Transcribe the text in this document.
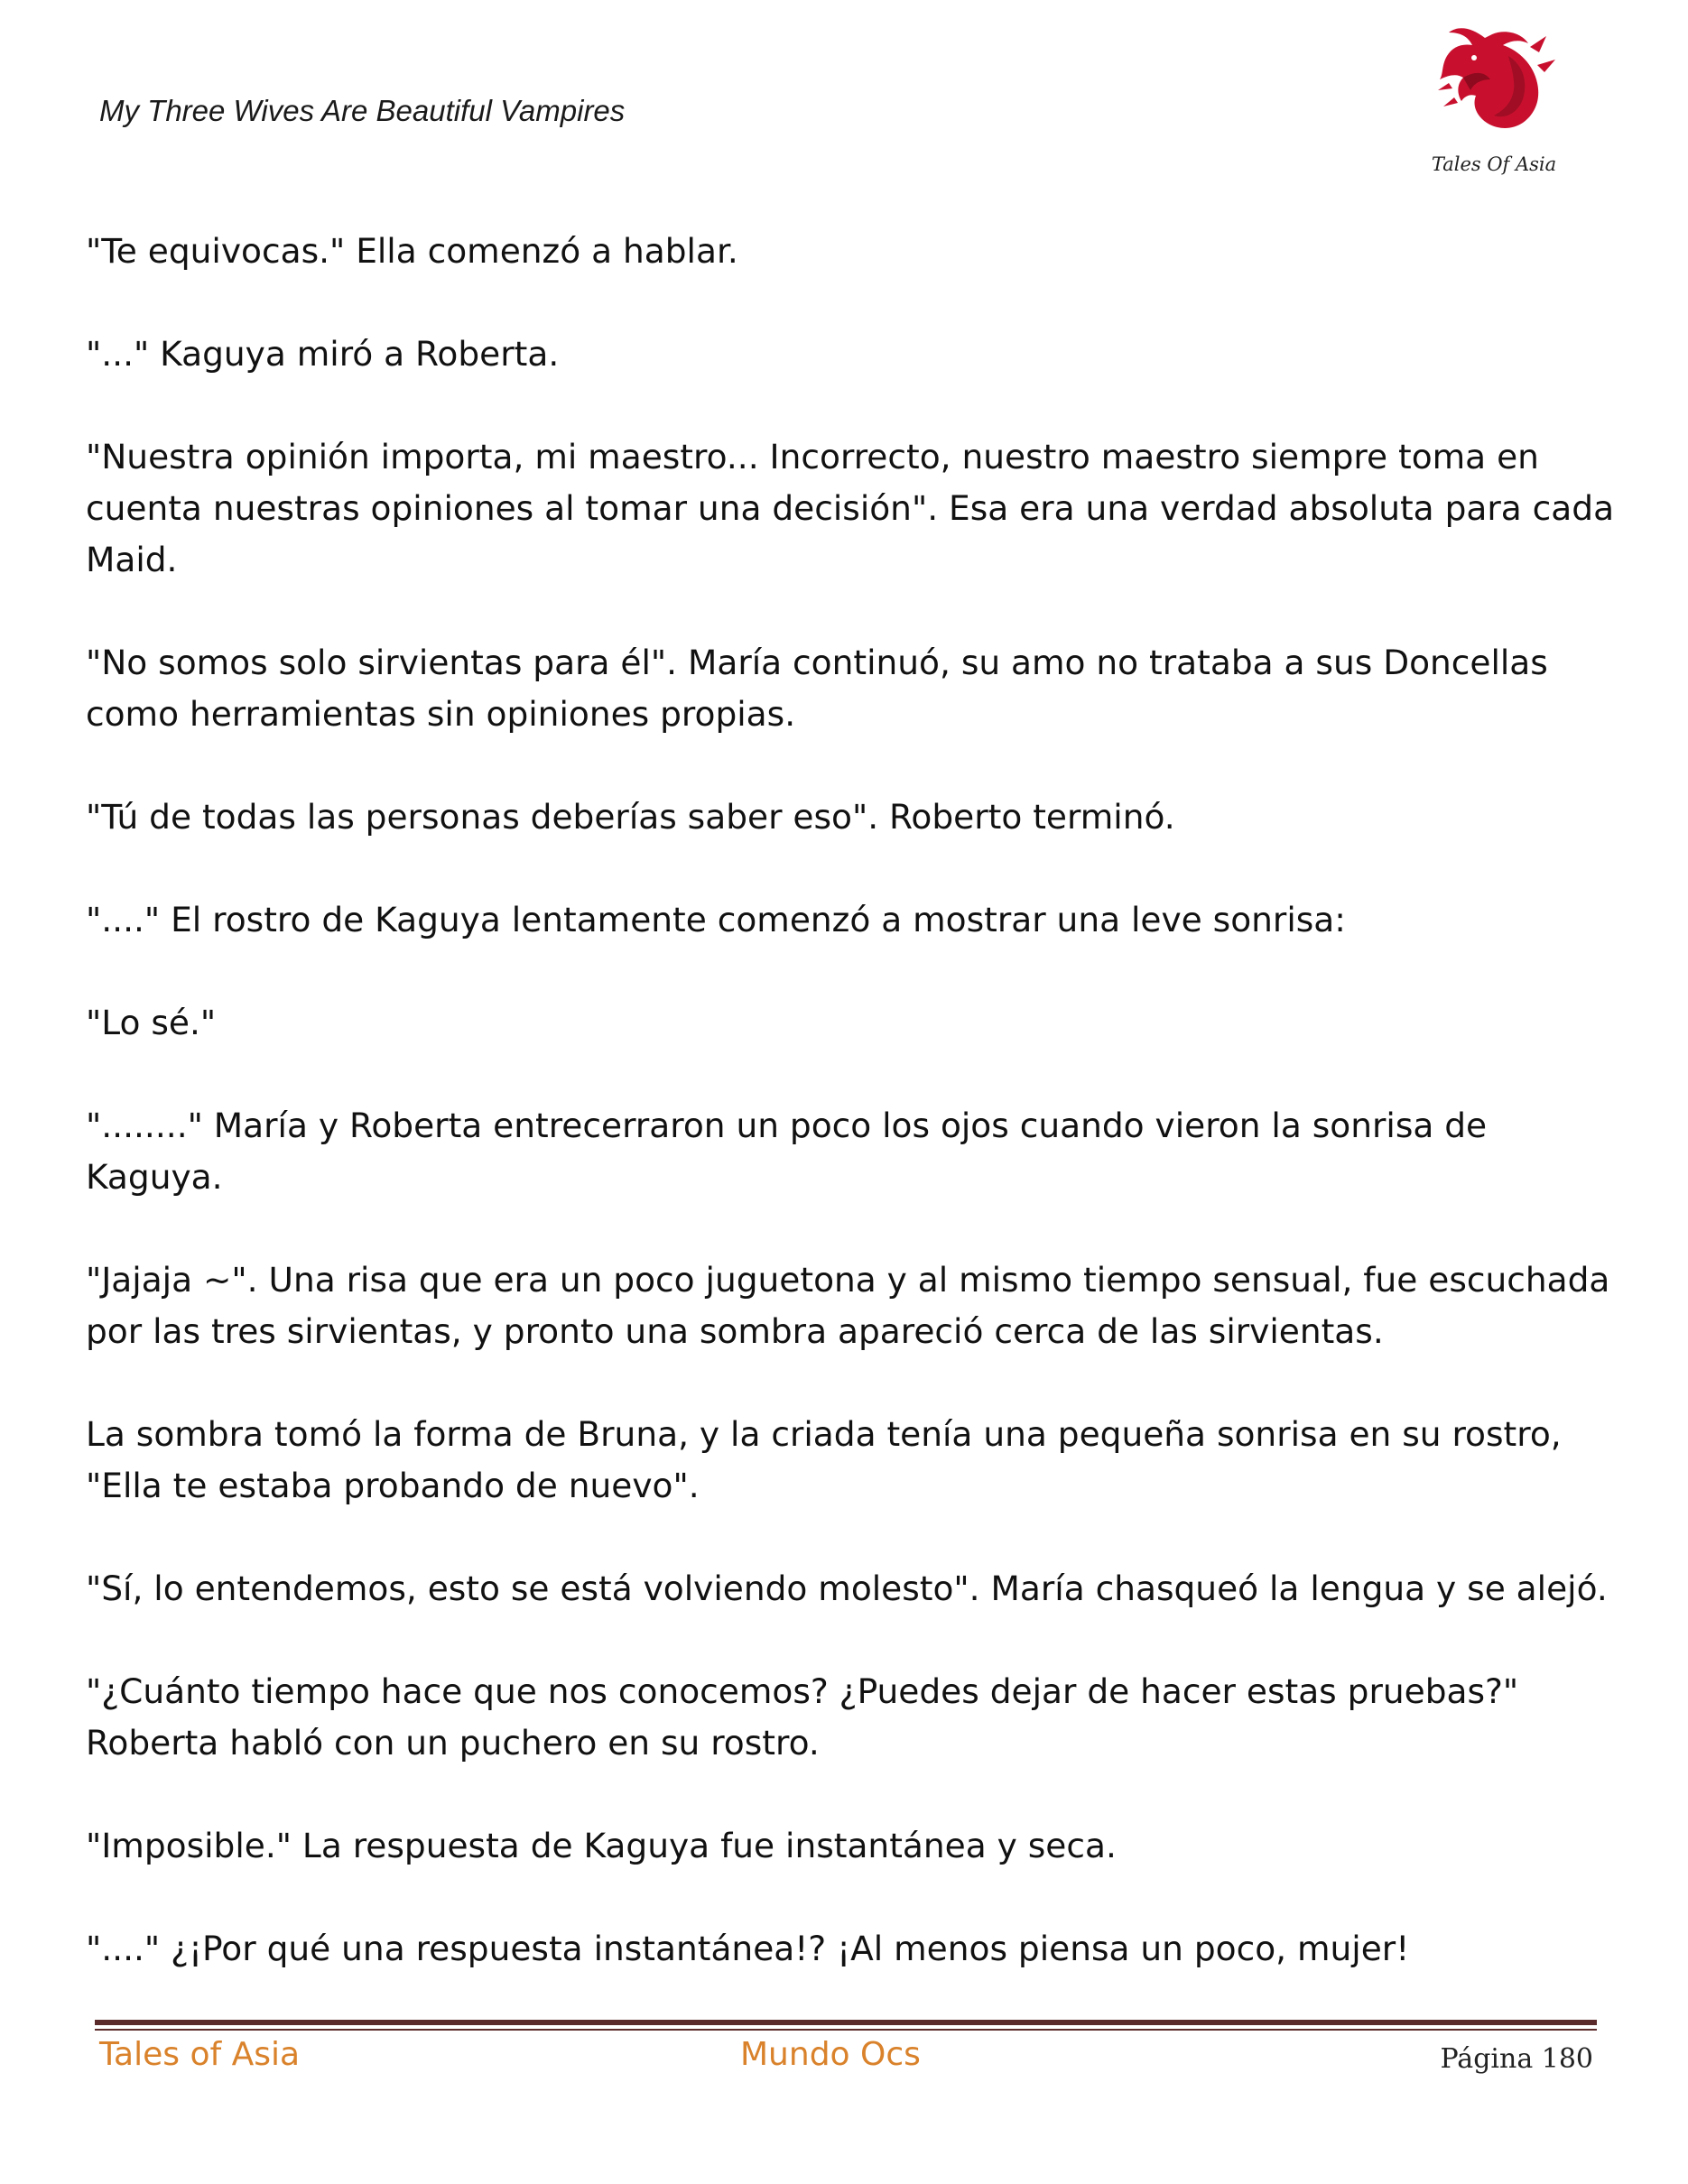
My Three Wives Are Beautiful Vampires
Tales Of Asia

"Te equivocas." Ella comenzó a hablar.

"..." Kaguya miró a Roberta.

"Nuestra opinión importa, mi maestro... Incorrecto, nuestro maestro siempre toma en cuenta nuestras opiniones al tomar una decisión". Esa era una verdad absoluta para cada Maid.

"No somos solo sirvientas para él". María continuó, su amo no trataba a sus Doncellas como herramientas sin opiniones propias.

"Tú de todas las personas deberías saber eso". Roberto terminó.

"...." El rostro de Kaguya lentamente comenzó a mostrar una leve sonrisa:

"Lo sé."

"........" María y Roberta entrecerraron un poco los ojos cuando vieron la sonrisa de Kaguya.

"Jajaja ~". Una risa que era un poco juguetona y al mismo tiempo sensual, fue escuchada por las tres sirvientas, y pronto una sombra apareció cerca de las sirvientas.

La sombra tomó la forma de Bruna, y la criada tenía una pequeña sonrisa en su rostro, "Ella te estaba probando de nuevo".

"Sí, lo entendemos, esto se está volviendo molesto". María chasqueó la lengua y se alejó.

"¿Cuánto tiempo hace que nos conocemos? ¿Puedes dejar de hacer estas pruebas?" Roberta habló con un puchero en su rostro.

"Imposible." La respuesta de Kaguya fue instantánea y seca.

"...." ¿¡Por qué una respuesta instantánea!? ¡Al menos piensa un poco, mujer!

Tales of Asia	Mundo Ocs	Página 180
